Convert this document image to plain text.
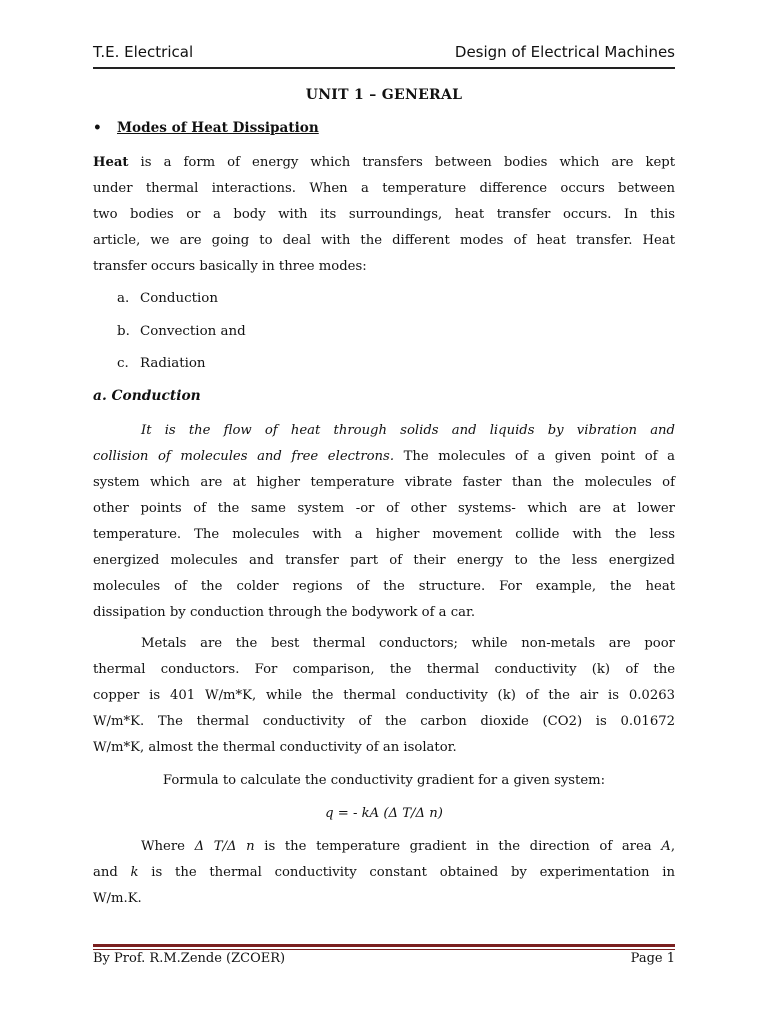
T.E. Electrical	Design of Electrical Machines
UNIT 1 – GENERAL
• Modes of Heat Dissipation
Heat is a form of energy which transfers between bodies which are kept
under thermal interactions. When a temperature difference occurs between
two bodies or a body with its surroundings, heat transfer occurs. In this
article, we are going to deal with the different modes of heat transfer. Heat
transfer occurs basically in three modes:
a. Conduction
b. Convection and
c. Radiation
a. Conduction
It is the flow of heat through solids and liquids by vibration and
collision of molecules and free electrons. The molecules of a given point of a
system which are at higher temperature vibrate faster than the molecules of
other points of the same system -or of other systems- which are at lower
temperature. The molecules with a higher movement collide with the less
energized molecules and transfer part of their energy to the less energized
molecules of the colder regions of the structure. For example, the heat
dissipation by conduction through the bodywork of a car.
Metals are the best thermal conductors; while non-metals are poor
thermal conductors. For comparison, the thermal conductivity (k) of the
copper is 401 W/m*K, while the thermal conductivity (k) of the air is 0.0263
W/m*K. The thermal conductivity of the carbon dioxide (CO2) is 0.01672
W/m*K, almost the thermal conductivity of an isolator.
Formula to calculate the conductivity gradient for a given system:
q = - kA (Δ T/Δ n)
Where Δ T/Δ n is the temperature gradient in the direction of area A,
and k is the thermal conductivity constant obtained by experimentation in
W/m.K.
By Prof. R.M.Zende (ZCOER)	Page 1
